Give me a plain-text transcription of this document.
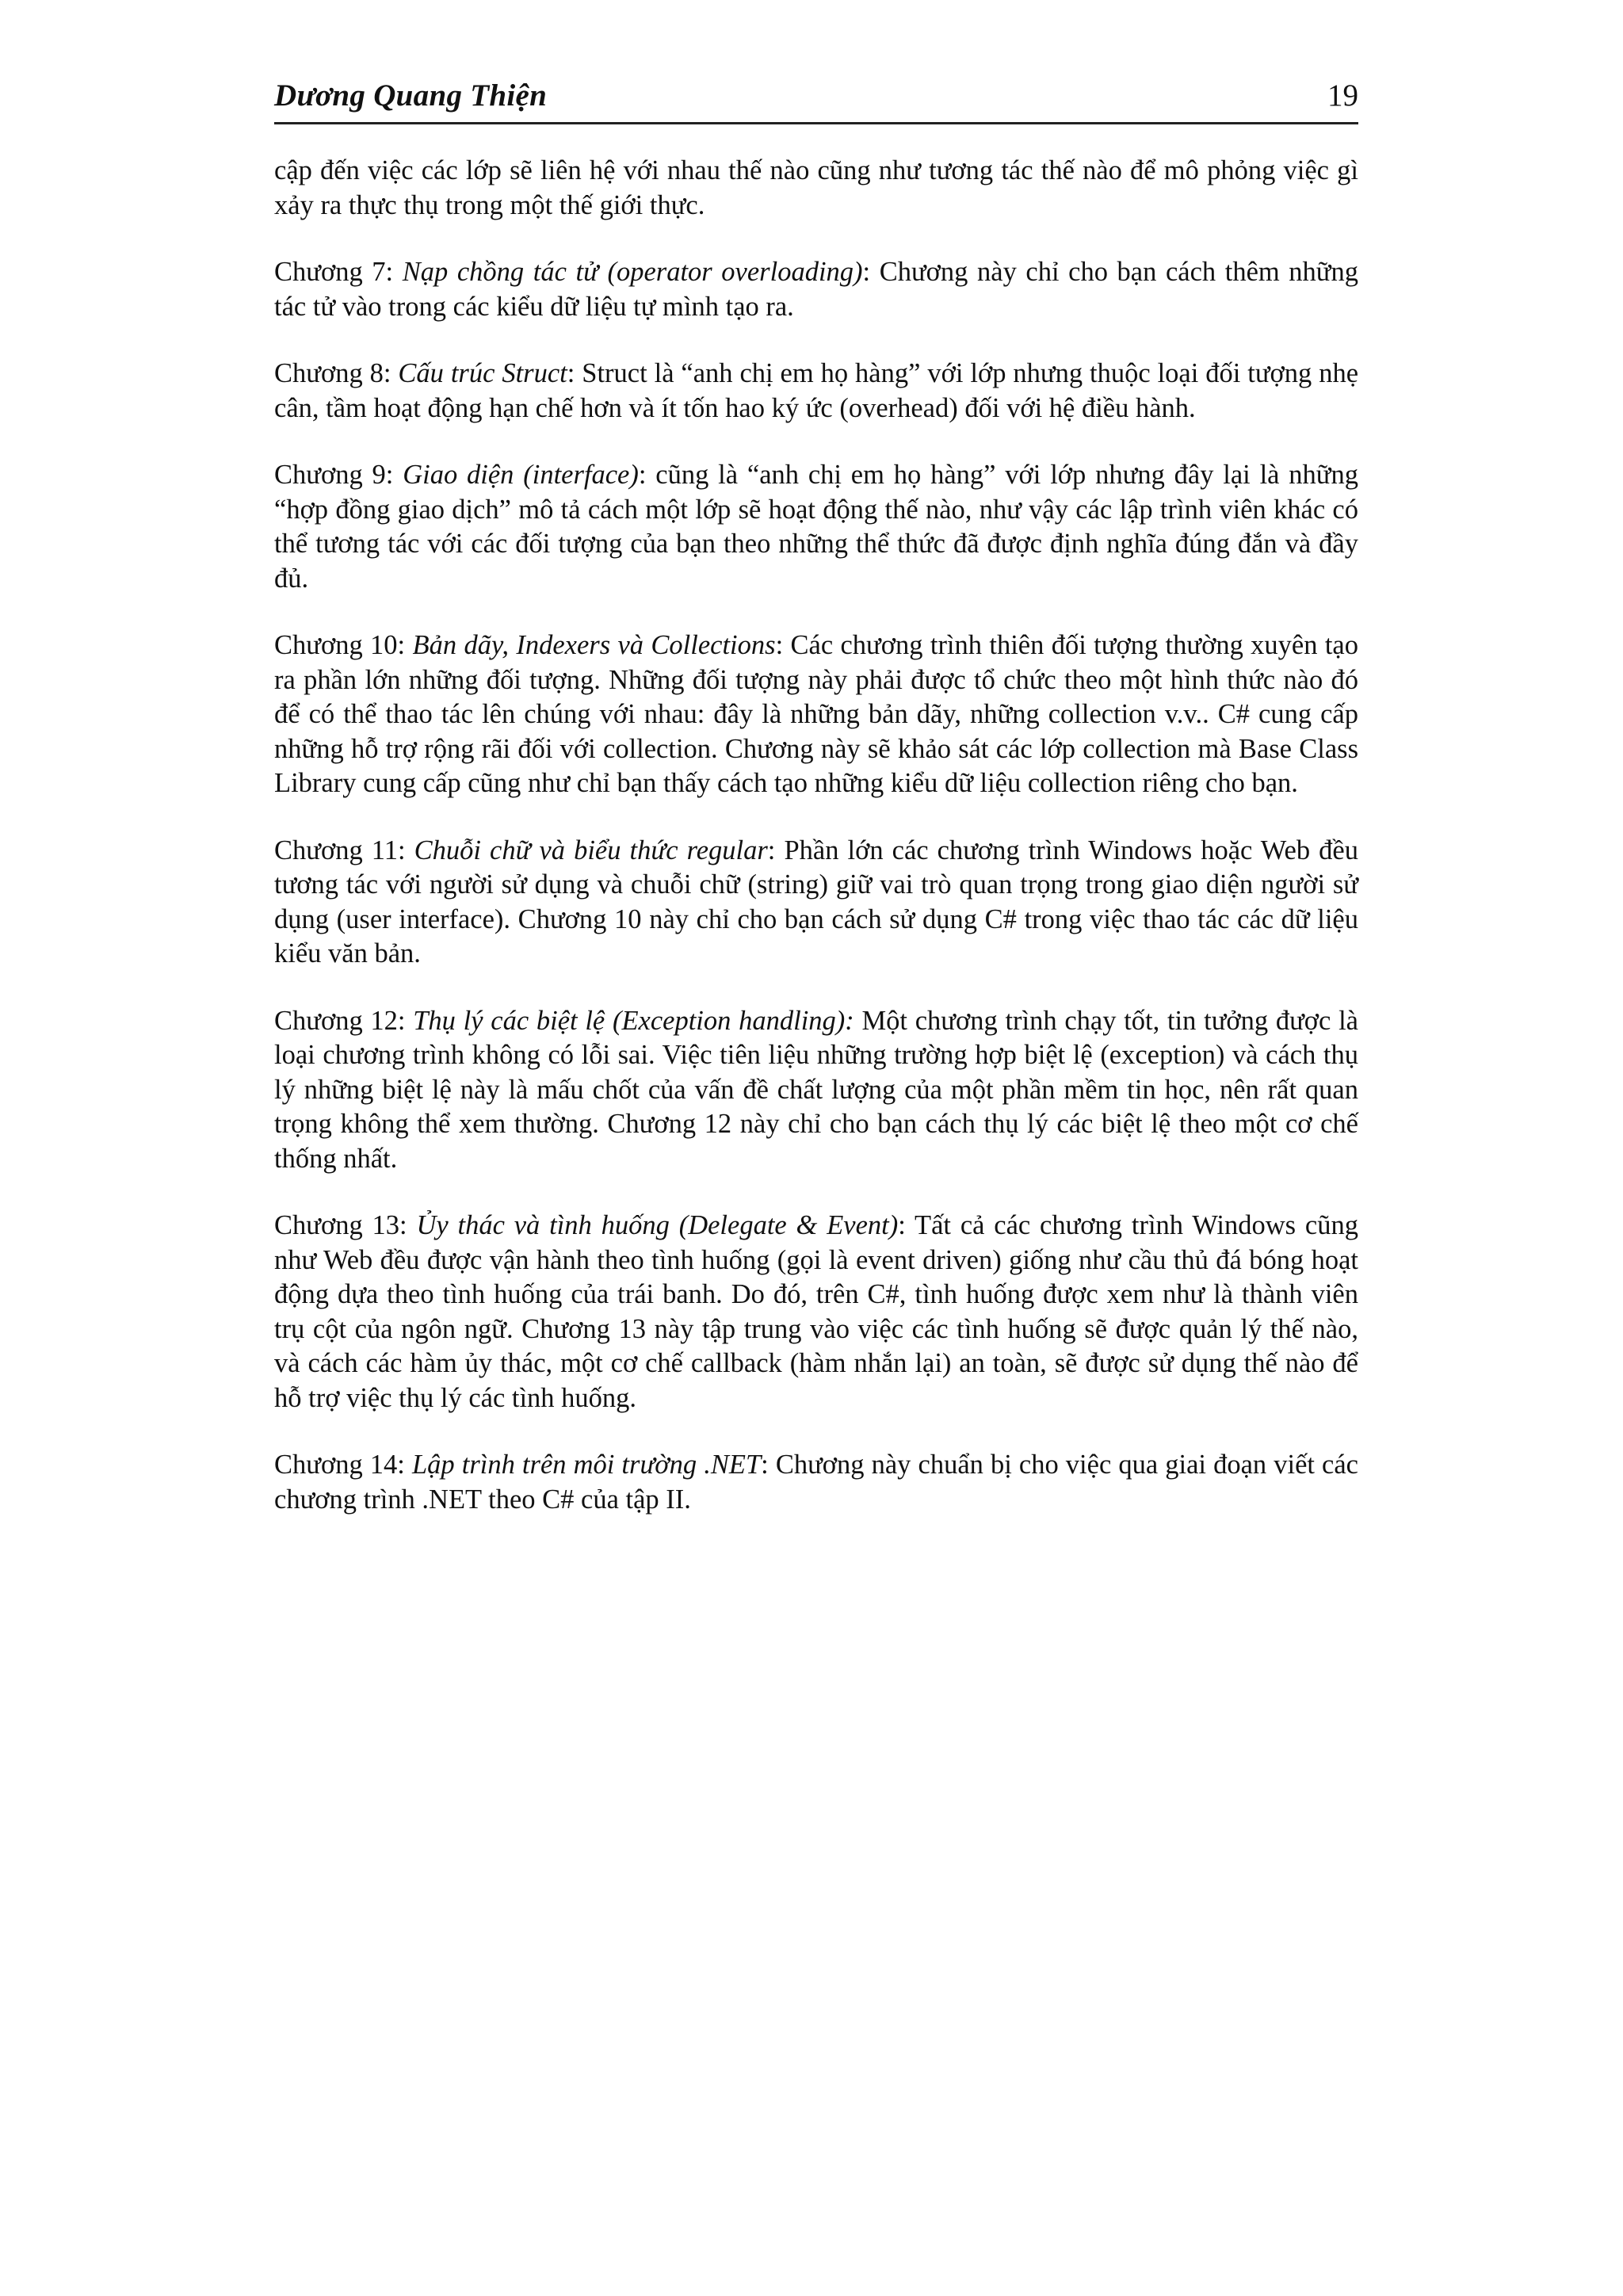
Dương Quang Thiện	19

cập đến việc các lớp sẽ liên hệ với nhau thế nào cũng như tương tác thế nào để mô phỏng việc gì xảy ra thực thụ trong một thế giới thực.

Chương 7: Nạp chồng tác tử (operator overloading): Chương này chỉ cho bạn cách thêm những tác tử vào trong các kiểu dữ liệu tự mình tạo ra.

Chương 8: Cấu trúc Struct: Struct là “anh chị em họ hàng” với lớp nhưng thuộc loại đối tượng nhẹ cân, tầm hoạt động hạn chế hơn và ít tốn hao ký ức (overhead) đối với hệ điều hành.

Chương 9: Giao diện (interface): cũng là “anh chị em họ hàng” với lớp nhưng đây lại là những “hợp đồng giao dịch” mô tả cách một lớp sẽ hoạt động thế nào, như vậy các lập trình viên khác có thể tương tác với các đối tượng của bạn theo những thể thức đã được định nghĩa đúng đắn và đầy đủ.

Chương 10: Bản dãy, Indexers và Collections: Các chương trình thiên đối tượng thường xuyên tạo ra phần lớn những đối tượng. Những đối tượng này phải được tổ chức theo một hình thức nào đó để có thể thao tác lên chúng với nhau: đây là những bản dãy, những collection v.v.. C# cung cấp những hỗ trợ rộng rãi đối với collection. Chương này sẽ khảo sát các lớp collection mà Base Class Library cung cấp cũng như chỉ bạn thấy cách tạo những kiểu dữ liệu collection riêng cho bạn.

Chương 11: Chuỗi chữ và biểu thức regular: Phần lớn các chương trình Windows hoặc Web đều tương tác với người sử dụng và chuỗi chữ (string) giữ vai trò quan trọng trong giao diện người sử dụng (user interface). Chương 10 này chỉ cho bạn cách sử dụng C# trong việc thao tác các dữ liệu kiểu văn bản.

Chương 12: Thụ lý các biệt lệ (Exception handling): Một chương trình chạy tốt, tin tưởng được là loại chương trình không có lỗi sai. Việc tiên liệu những trường hợp biệt lệ (exception) và cách thụ lý những biệt lệ này là mấu chốt của vấn đề chất lượng của một phần mềm tin học, nên rất quan trọng không thể xem thường. Chương 12 này chỉ cho bạn cách thụ lý các biệt lệ theo một cơ chế thống nhất.

Chương 13: Ủy thác và tình huống (Delegate & Event): Tất cả các chương trình Windows cũng như Web đều được vận hành theo tình huống (gọi là event driven) giống như cầu thủ đá bóng hoạt động dựa theo tình huống của trái banh. Do đó, trên C#, tình huống được xem như là thành viên trụ cột của ngôn ngữ. Chương 13 này tập trung vào việc các tình huống sẽ được quản lý thế nào, và cách các hàm ủy thác, một cơ chế callback (hàm nhắn lại) an toàn, sẽ được sử dụng thế nào để hỗ trợ việc thụ lý các tình huống.

Chương 14: Lập trình trên môi trường .NET: Chương này chuẩn bị cho việc qua giai đoạn viết các chương trình .NET theo C# của tập II.
